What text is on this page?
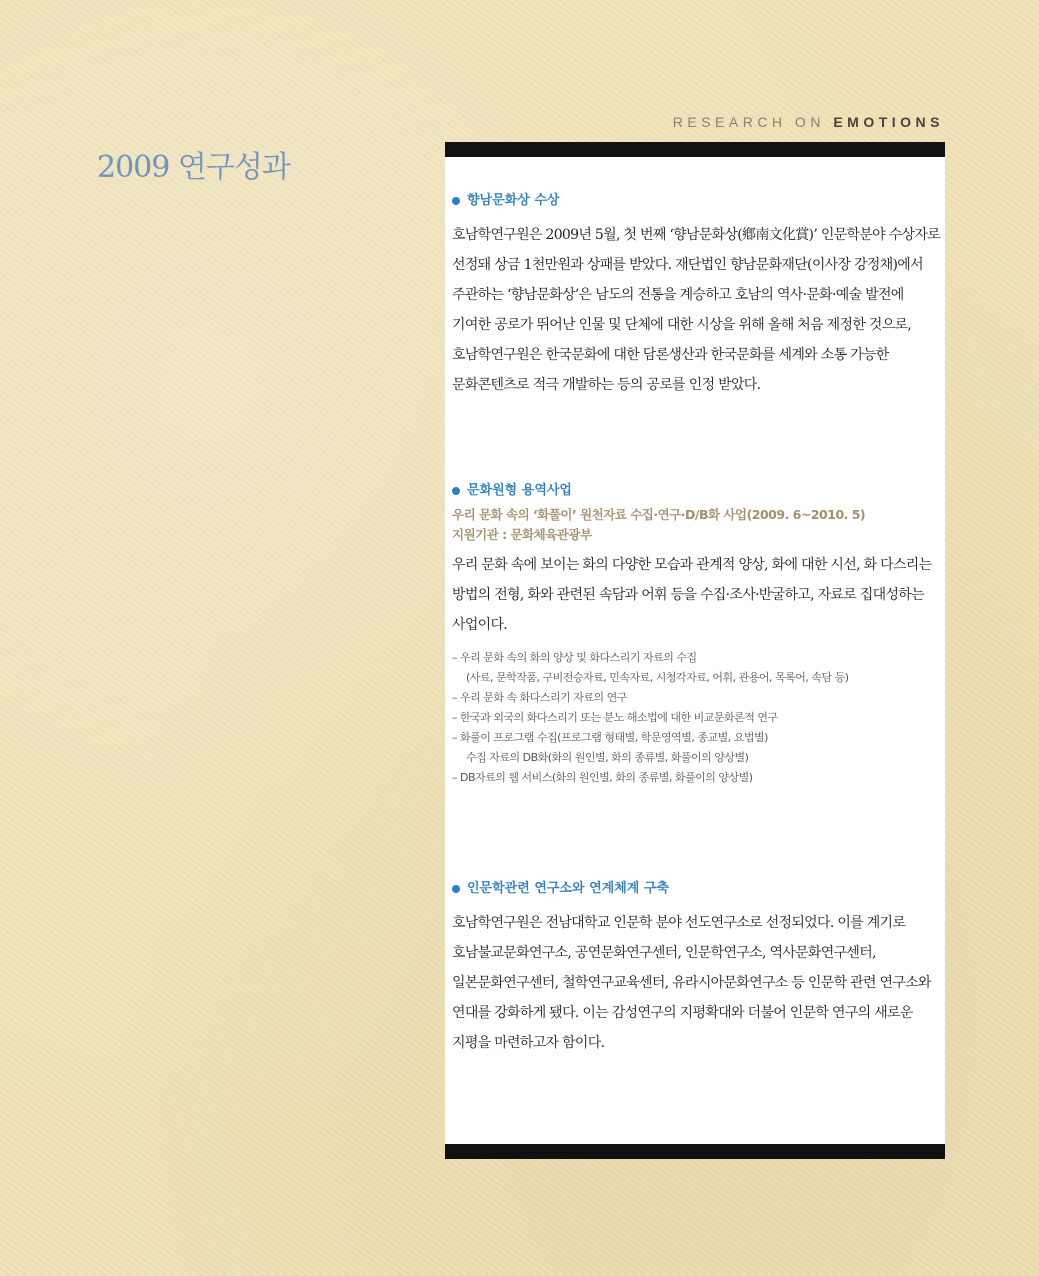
RESEARCH ON EMOTIONS
2009 연구성과
향남문화상 수상
호남학연구원은 2009년 5월, 첫 번째 ‘향남문화상(鄕南文化賞)’ 인문학분야 수상자로 선정돼 상금 1천만원과 상패를 받았다. 재단법인 향남문화재단(이사장 강정채)에서 주관하는 ‘향남문화상’은 남도의 전통을 계승하고 호남의 역사·문화·예술 발전에 기여한 공로가 뛰어난 인물 및 단체에 대한 시상을 위해 올해 처음 제정한 것으로, 호남학연구원은 한국문화에 대한 담론생산과 한국문화를 세계와 소통 가능한 문화콘텐츠로 적극 개발하는 등의 공로를 인정 받았다.
문화원형 용역사업
우리 문화 속의 ‘화풀이’ 원천자료 수집·연구·D/B화 사업(2009. 6~2010. 5)
지원기관 : 문화체육관광부
우리 문화 속에 보이는 화의 다양한 모습과 관계적 양상, 화에 대한 시선, 화 다스리는 방법의 전형, 화와 관련된 속담과 어휘 등을 수집·조사·반굴하고, 자료로 집대성하는 사업이다.
– 우리 문화 속의 화의 양상 및 화다스리기 자료의 수집
(사료, 문학작품, 구비전승자료, 민속자료, 시청각자료, 어휘, 관용어, 목록어, 속담 등)
– 우리 문화 속 화다스리기 자료의 연구
– 한국과 외국의 화다스리기 또는 분노 해소법에 대한 비교문화론적 연구
– 화풀이 프로그램 수집(프로그램 형태별, 학문영역별, 종교별, 요법별)
수집 자료의 DB화(화의 원인별, 화의 종류별, 화풀이의 양상별)
– DB자료의 웹 서비스(화의 원인별, 화의 종류별, 화풀이의 양상별)
인문학관련 연구소와 연계체계 구축
호남학연구원은 전남대학교 인문학 분야 선도연구소로 선정되었다. 이를 계기로 호남불교문화연구소, 공연문화연구센터, 인문학연구소, 역사문화연구센터, 일본문화연구센터, 철학연구교육센터, 유라시아문화연구소 등 인문학 관련 연구소와 연대를 강화하게 됐다. 이는 감성연구의 지평확대와 더불어 인문학 연구의 새로운 지평을 마련하고자 함이다.
